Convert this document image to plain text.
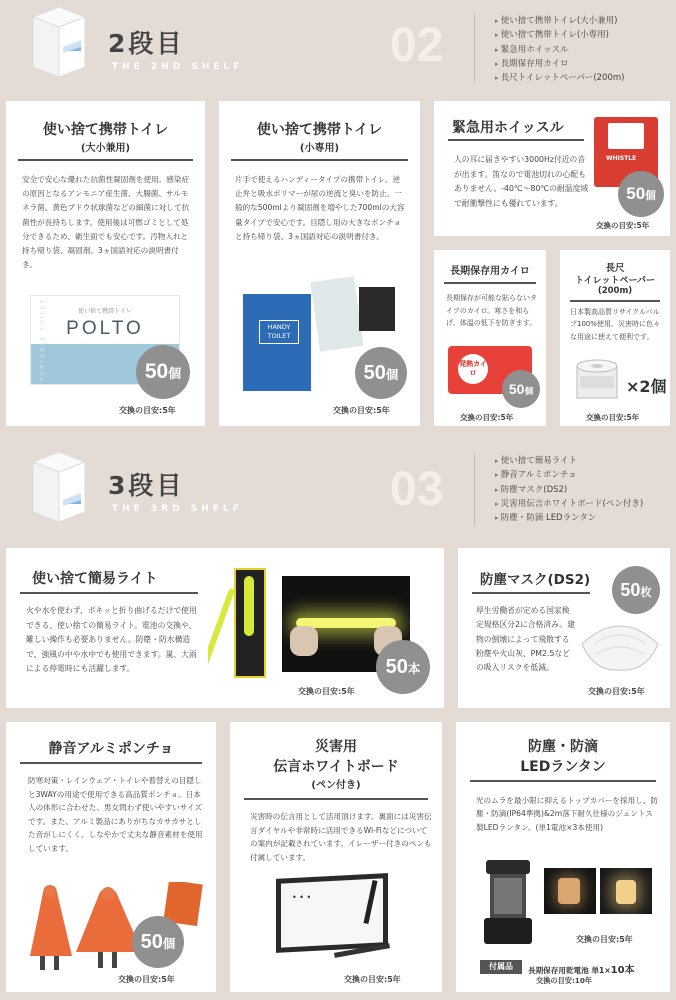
2段目
THE 2ND SHELF	02
▸	使い捨て携帯トイレ(大小兼用)
▸ 使い捨て携帯トイレ(小専用)
▸ 緊急用ホイッスル
▸ 長期保存用カイロ
▸ 長尺トイレットペーパー(200m)
使い捨て携帯トイレ
(大小兼用)
安全で安心な優れた抗菌性凝固剤を使用。感染症の原因となるアンモニア産生菌、大腸菌、サルモネラ菌、黄色ブドウ状球菌などの細菌に対して抗菌性が長持ちします。使用後は可燃ゴミとして処分できるため、衛生面でも安心です。汚物入れと持ち帰り袋、凝固剤、3ヵ国語対応の説明書付き。
使い捨て携帯トイレ
POLTO
PORTABLE TOILET	50個
交換の目安:5年
使い捨て携帯トイレ
(小専用)
片手で使えるハンディータイプの携帯トイレ。逆止弁と吸水ポリマーが尿の逆流と臭いを防止。一般的な500mlより凝固剤を増やした700mlの大容量タイプで安心です。目隠し用の大きなポンチョと持ち帰り袋、3ヵ国語対応の説明書付き。
HANDY TOILET
50個
交換の目安:5年
緊急用ホイッスル
人の耳に届きやすい3000Hz付近の音が出ます。笛なので電池切れの心配もありません。-40℃〜80℃の耐温度域で耐衝撃性にも優れています。
WHISTLE
50個
交換の目安:5年
長期保存用カイロ
長期保存が可能な貼らないタイプのカイロ。寒さを和らげ、体温の低下を防ぎます。
発熱カイロ
50個
交換の目安:5年
長尺
トイレットペーパー
(200m)
日本製高品質リサイクルパルプ100%使用。災害時に色々な用途に使えて便利です。
×2個
交換の目安:5年
3段目
THE 3RD SHELF	03
▸ 使い捨て簡易ライト
▸ 静音アルミポンチョ
▸ 防塵マスク(DS2)
▸ 災害用伝言ホワイトボード(ペン付き)
▸ 防塵・防滴 LEDランタン
使い捨て簡易ライト
火や水を使わず、ポキッと折り曲げるだけで使用できる、使い捨ての簡易ライト。電池の交換や、難しい操作も必要ありません。防塵・防水構造で、強風の中や水中でも使用できます。嵐、大雨による停電時にも活躍します。	50本
交換の目安:5年
防塵マスク(DS2)
厚生労働省が定める国家検定規格区分2に合格済み。建物の倒壊によって飛散する粉塵や火山灰、PM2.5などの吸入リスクを低減。
50枚
交換の目安:5年
静音アルミポンチョ
防寒対策・レインウェア・トイレや着替えの目隠しと3WAYの用途で使用できる高品質ポンチョ。日本人の体形に合わせた、男女問わず使いやすいサイズです。また、アルミ製品にありがちなカサカサとした音がしにくく、しなやかで丈夫な静音素材を使用しています。
50個
交換の目安:5年
災害用
伝言ホワイトボード
(ペン付き)
災害時の伝言用として活用頂けます。裏面には災害伝言ダイヤルや非常時に活用できるWi-Fiなどについての案内が記載されています。イレーザー付きのペンも付属しています。
• • •
交換の目安:5年
防塵・防滴
LEDランタン
光のムラを最小限に抑えるトップカバーを採用し、防塵・防滴(IP64準拠)&2m落下耐久仕様のジェントス製LEDランタン。(単1電池×3本使用)
交換の目安:5年
付属品	長期保存用乾電池 単1×10本
交換の目安:10年
